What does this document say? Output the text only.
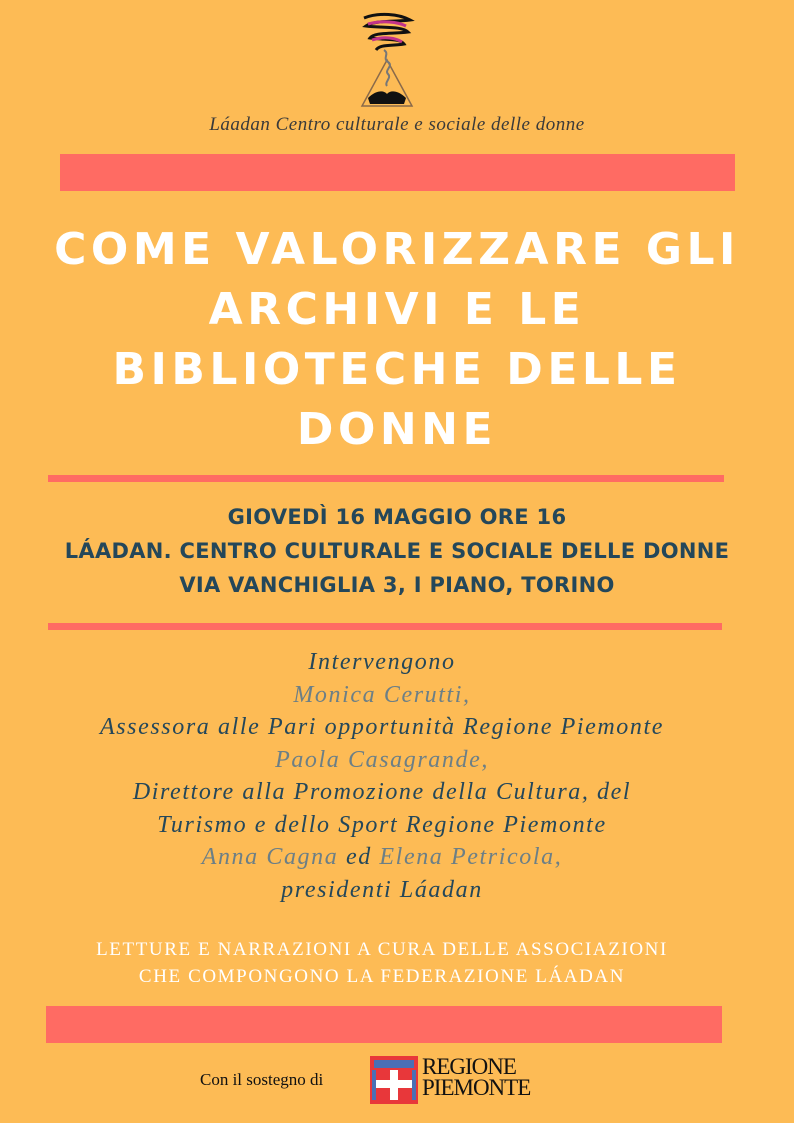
Láadan Centro culturale e sociale delle donne
COME VALORIZZARE GLI
ARCHIVI E LE
BIBLIOTECHE DELLE
DONNE
GIOVEDÌ 16 MAGGIO ORE 16
LÁADAN. CENTRO CULTURALE E SOCIALE DELLE DONNE
VIA VANCHIGLIA 3, I PIANO, TORINO
Intervengono
Monica Cerutti,
Assessora alle Pari opportunità Regione Piemonte
Paola Casagrande,
Direttore alla Promozione della Cultura, del
Turismo e dello Sport Regione Piemonte
Anna Cagna ed Elena Petricola,
presidenti Láadan
LETTURE E NARRAZIONI A CURA DELLE ASSOCIAZIONI
CHE COMPONGONO LA FEDERAZIONE LÁADAN
Con il sostegno di
REGIONE
PIEMONTE
